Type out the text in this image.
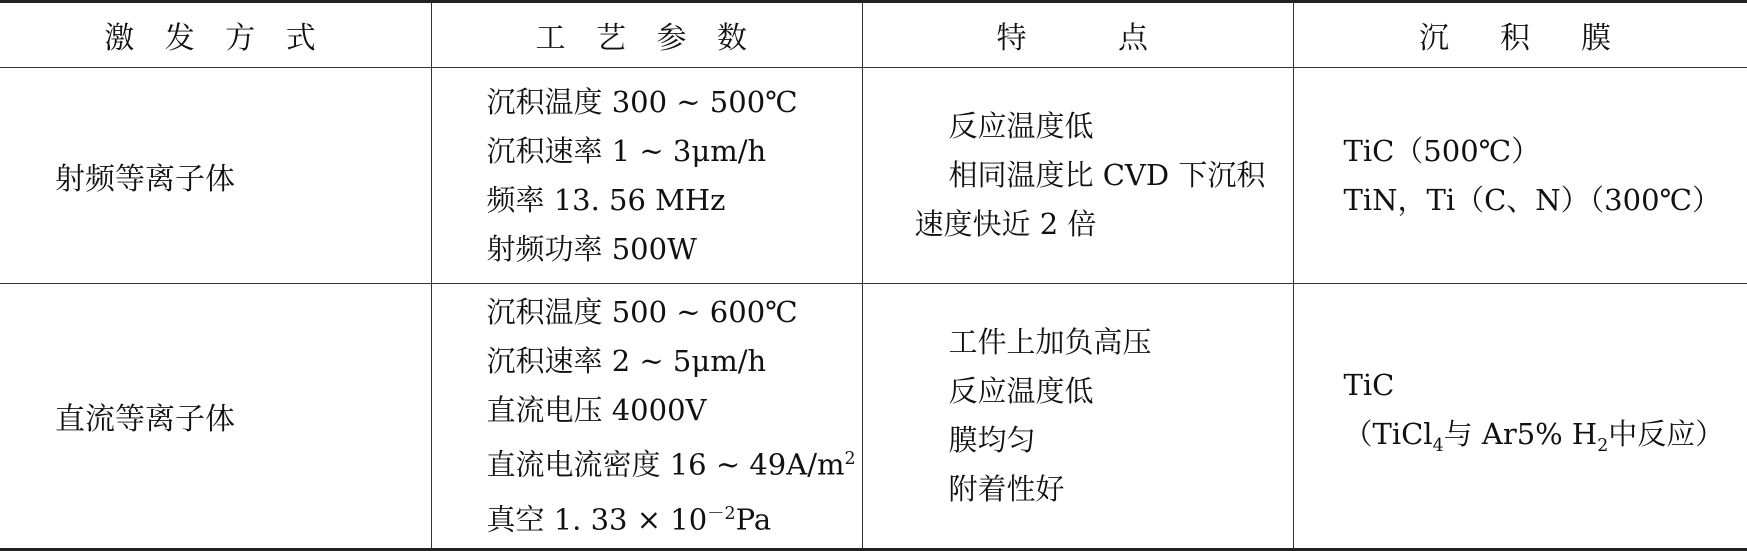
激 发 方 式	工 艺 参 数	特　　点	沉　积　膜
射频等离子体	沉积温度 300 ~ 500℃
沉积速率 1 ~ 3μm/h
频率 13. 56 MHz
射频功率 500W	反应温度低
相同温度比 CVD 下沉积
速度快近 2 倍	TiC（500℃）
TiN，Ti（C、N）（300℃）

直流等离子体	沉积温度 500 ~ 600℃
沉积速率 2 ~ 5μm/h
直流电压 4000V
直流电流密度 16 ~ $49A/m^2$
真空 1. $33 \times 10^{-2}Pa$	工件上加负高压
反应温度低
膜均匀
附着性好	TiC
（TiCl$_4$与 Ar5% $H_2$中反应）
